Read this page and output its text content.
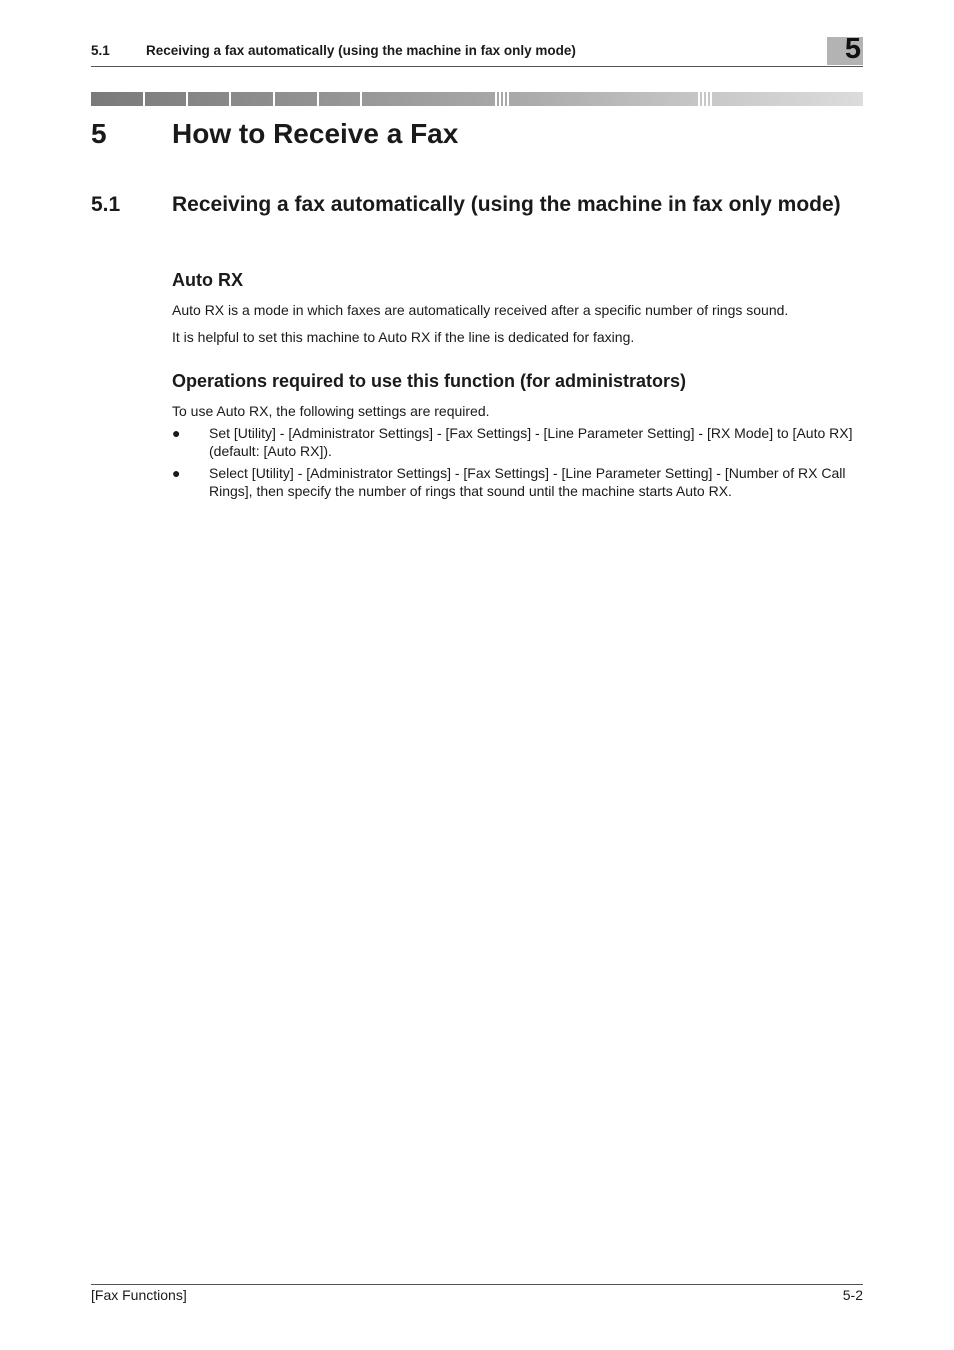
5.1	Receiving a fax automatically (using the machine in fax only mode)	5
5 How to Receive a Fax
5.1 Receiving a fax automatically (using the machine in fax only mode)
Auto RX
Auto RX is a mode in which faxes are automatically received after a specific number of rings sound.
It is helpful to set this machine to Auto RX if the line is dedicated for faxing.
Operations required to use this function (for administrators)
To use Auto RX, the following settings are required.
● Set [Utility] - [Administrator Settings] - [Fax Settings] - [Line Parameter Setting] - [RX Mode] to [Auto RX] (default: [Auto RX]).
● Select [Utility] - [Administrator Settings] - [Fax Settings] - [Line Parameter Setting] - [Number of RX Call Rings], then specify the number of rings that sound until the machine starts Auto RX.
[Fax Functions]	5-2
